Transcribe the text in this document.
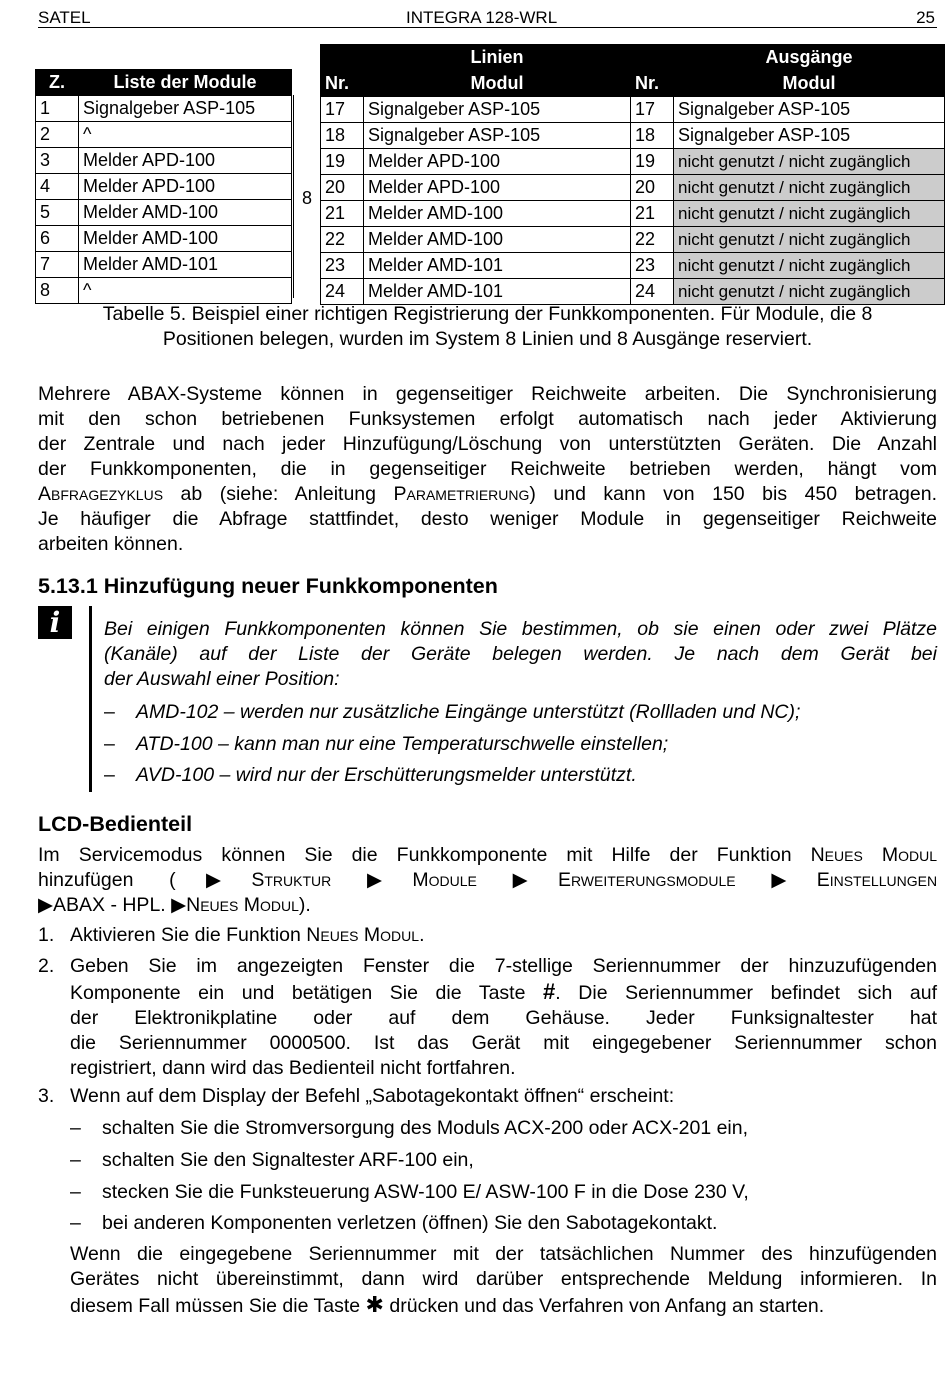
SATEL	INTEGRA 128-WRL	25
Z.	Liste der Module
1	Signalgeber ASP-105
2	^
3	Melder APD-100
4	Melder APD-100
5	Melder AMD-100
6	Melder AMD-100
7	Melder AMD-101
8	^
8
	Linien		Ausgänge
Nr.	Modul	Nr.	Modul
17	Signalgeber ASP-105	17	Signalgeber ASP-105
18	Signalgeber ASP-105	18	Signalgeber ASP-105
19	Melder APD-100	19	nicht genutzt / nicht zugänglich
20	Melder APD-100	20	nicht genutzt / nicht zugänglich
21	Melder AMD-100	21	nicht genutzt / nicht zugänglich
22	Melder AMD-100	22	nicht genutzt / nicht zugänglich
23	Melder AMD-101	23	nicht genutzt / nicht zugänglich
24	Melder AMD-101	24	nicht genutzt / nicht zugänglich
Tabelle 5. Beispiel einer richtigen Registrierung der Funkkomponenten. Für Module, die 8
Positionen belegen, wurden im System 8 Linien und 8 Ausgänge reserviert.
Mehrere ABAX-Systeme können in gegenseitiger Reichweite arbeiten. Die Synchronisierung
mit den schon betriebenen Funksystemen erfolgt automatisch nach jeder Aktivierung
der Zentrale und nach jeder Hinzufügung/Löschung von unterstützten Geräten. Die Anzahl
der Funkkomponenten, die in gegenseitiger Reichweite betrieben werden, hängt vom
Abfragezyklus ab (siehe: Anleitung Parametrierung) und kann von 150 bis 450 betragen.
Je häufiger die Abfrage stattfindet, desto weniger Module in gegenseitiger Reichweite
arbeiten können.
5.13.1 Hinzufügung neuer Funkkomponenten
i	Bei einigen Funkkomponenten können Sie bestimmen, ob sie einen oder zwei Plätze
(Kanäle) auf der Liste der Geräte belegen werden. Je nach dem Gerät bei
der Auswahl einer Position:
– AMD-102 – werden nur zusätzliche Eingänge unterstützt (Rollladen und NC);
– ATD-100 – kann man nur eine Temperaturschwelle einstellen;
– AVD-100 – wird nur der Erschütterungsmelder unterstützt.
LCD-Bedienteil
Im Servicemodus können Sie die Funkkomponente mit Hilfe der Funktion Neues Modul
hinzufügen (▶Struktur ▶Module ▶Erweiterungsmodule ▶Einstellungen
▶ABAX - HPL. ▶Neues Modul).
1. Aktivieren Sie die Funktion Neues Modul.
2. Geben Sie im angezeigten Fenster die 7-stellige Seriennummer der hinzuzufügenden
Komponente ein und betätigen Sie die Taste #. Die Seriennummer befindet sich auf
der Elektronikplatine oder auf dem Gehäuse. Jeder Funksignaltester hat
die Seriennummer 0000500. Ist das Gerät mit eingegebener Seriennummer schon
registriert, dann wird das Bedienteil nicht fortfahren.
3. Wenn auf dem Display der Befehl „Sabotagekontakt öffnen“ erscheint:
– schalten Sie die Stromversorgung des Moduls ACX-200 oder ACX-201 ein,
– schalten Sie den Signaltester ARF-100 ein,
– stecken Sie die Funksteuerung ASW-100 E/ ASW-100 F in die Dose 230 V,
– bei anderen Komponenten verletzen (öffnen) Sie den Sabotagekontakt.
Wenn die eingegebene Seriennummer mit der tatsächlichen Nummer des hinzufügenden
Gerätes nicht übereinstimmt, dann wird darüber entsprechende Meldung informieren. In
diesem Fall müssen Sie die Taste ✱ drücken und das Verfahren von Anfang an starten.
